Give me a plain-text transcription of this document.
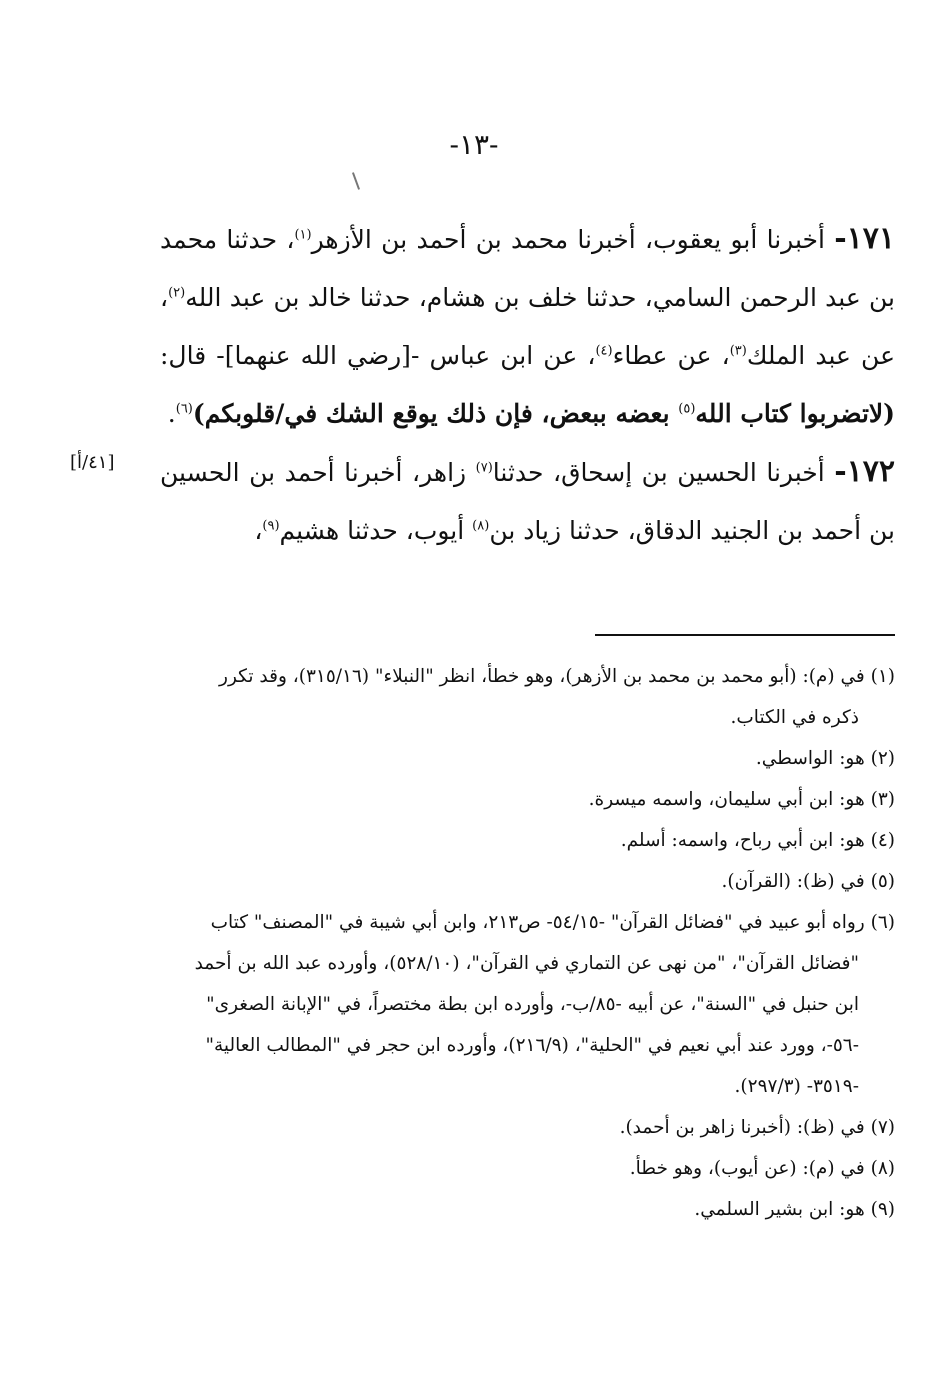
-١٣-

١٧١- أخبرنا أبو يعقوب، أخبرنا محمد بن أحمد بن الأزهر$^{(١)}$، حدثنا محمد بن عبد الرحمن السامي، حدثنا خلف بن هشام، حدثنا خالد بن عبد الله$^{(٢)}$، عن عبد الملك$^{(٣)}$، عن عطاء$^{(٤)}$، عن ابن عباس -[رضي الله عنهما]- قال: (لاتضربوا كتاب الله$^{(٥)}$ بعضه ببعض، فإن ذلك يوقع الشك في/قلوبكم)$^{(٦)}$.

١٧٢- أخبرنا الحسين بن إسحاق، حدثنا$^{(٧)}$ زاهر، أخبرنا أحمد بن الحسين بن أحمد بن الجنيد الدقاق، حدثنا زياد بن$^{(٨)}$ أيوب، حدثنا هشيم$^{(٩)}$،

[٤١/أ]

(١) في (م): (أبو محمد بن محمد بن الأزهر)، وهو خطأ، انظر "النبلاء" (٣١٥/١٦)، وقد تكرر

ذكره في الكتاب.

(٢) هو: الواسطي.

(٣) هو: ابن أبي سليمان، واسمه ميسرة.

(٤) هو: ابن أبي رباح، واسمه: أسلم.

(٥) في (ظ): (القرآن).

(٦) رواه أبو عبيد في "فضائل القرآن" -٥٤/١٥- ص٢١٣، وابن أبي شيبة في "المصنف" كتاب

"فضائل القرآن"، "من نهى عن التماري في القرآن"، (٥٢٨/١٠)، وأورده عبد الله بن أحمد

ابن حنبل في "السنة"، عن أبيه -٨٥/ب-، وأورده ابن بطة مختصراً، في "الإبانة الصغرى"

-٥٦-، وورد عند أبي نعيم في "الحلية"، (٢١٦/٩)، وأورده ابن حجر في "المطالب العالية"

-٣٥١٩- (٢٩٧/٣).

(٧) في (ظ): (أخبرنا زاهر بن أحمد).

(٨) في (م): (عن أيوب)، وهو خطأ.

(٩) هو: ابن بشير السلمي.
